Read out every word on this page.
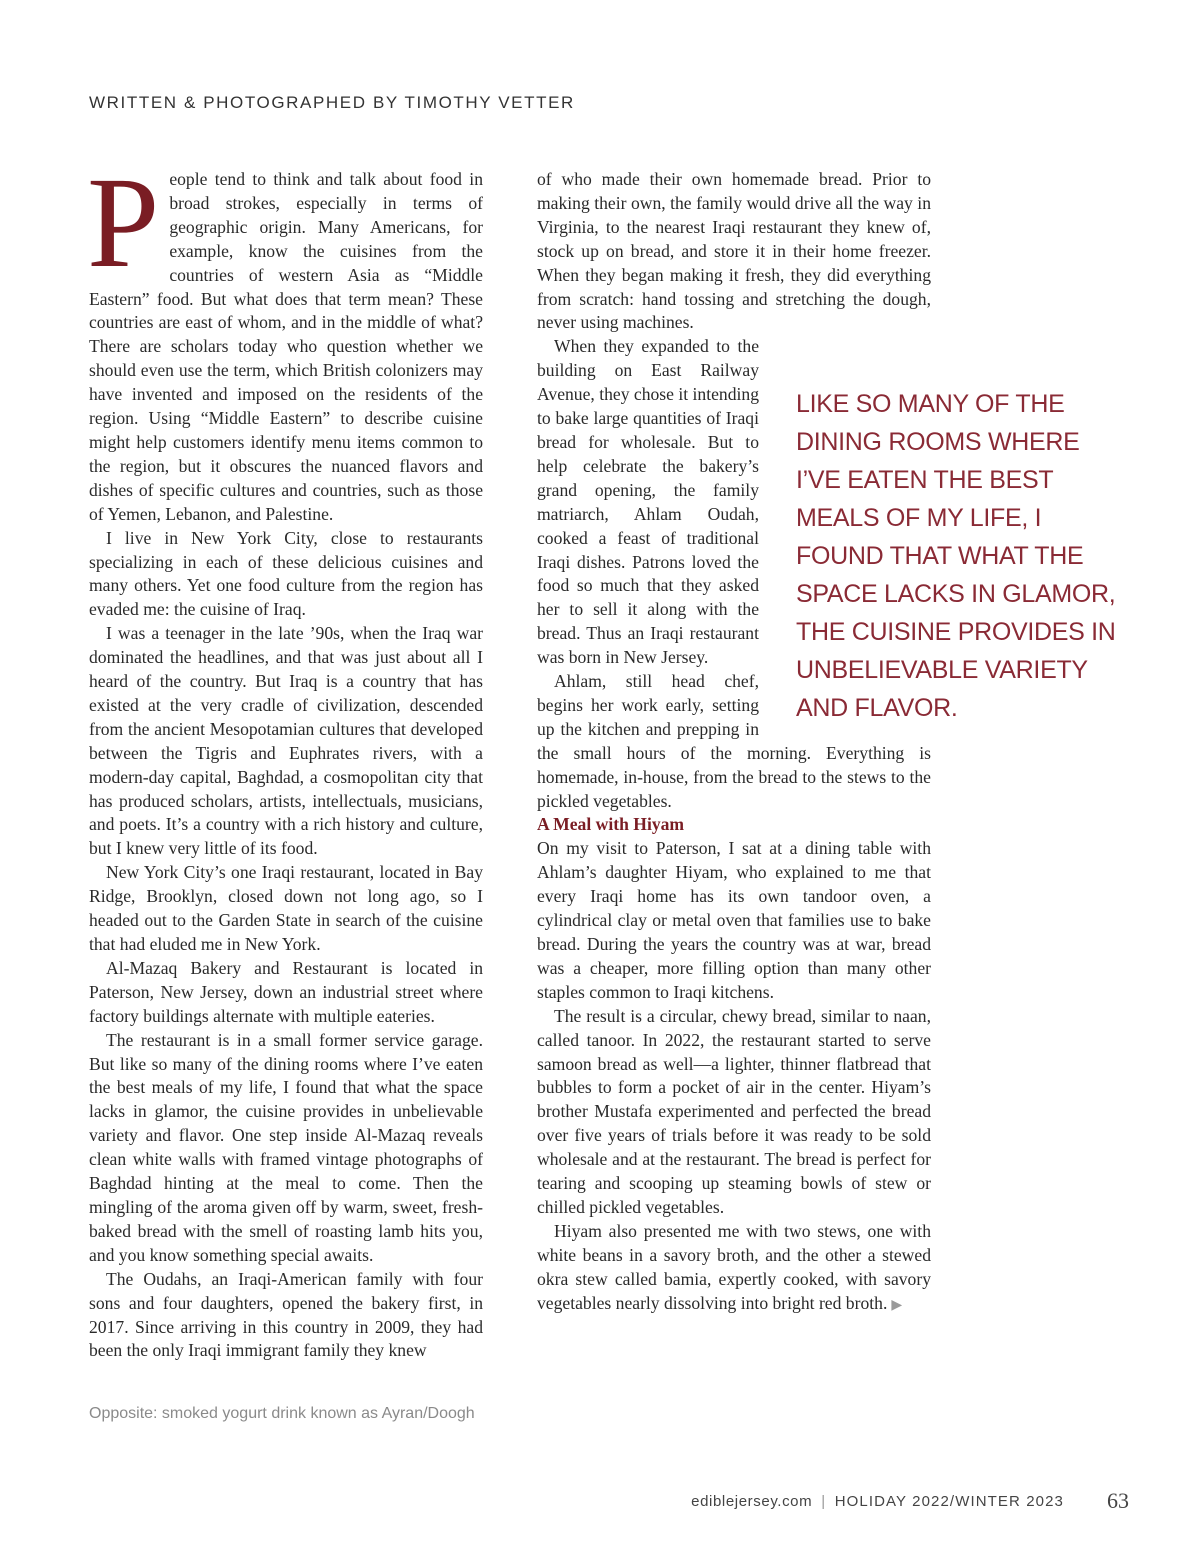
WRITTEN & PHOTOGRAPHED BY TIMOTHY VETTER

People tend to think and talk about food in broad strokes, especially in terms of geographic origin. Many Americans, for example, know the cuisines from the countries of western Asia as “Middle Eastern” food. But what does that term mean? These countries are east of whom, and in the middle of what? There are scholars today who question whether we should even use the term, which British colonizers may have invented and imposed on the residents of the region. Using “Middle Eastern” to describe cuisine might help customers identify menu items common to the region, but it obscures the nuanced flavors and dishes of specific cultures and countries, such as those of Yemen, Lebanon, and Palestine.

I live in New York City, close to restaurants specializing in each of these delicious cuisines and many others. Yet one food culture from the region has evaded me: the cuisine of Iraq.

I was a teenager in the late ’90s, when the Iraq war dominated the headlines, and that was just about all I heard of the country. But Iraq is a country that has existed at the very cradle of civilization, descended from the ancient Mesopotamian cultures that developed between the Tigris and Euphrates rivers, with a modern-day capital, Baghdad, a cosmopolitan city that has produced scholars, artists, intellectuals, musicians, and poets. It’s a country with a rich history and culture, but I knew very little of its food.

New York City’s one Iraqi restaurant, located in Bay Ridge, Brooklyn, closed down not long ago, so I headed out to the Garden State in search of the cuisine that had eluded me in New York.

Al-Mazaq Bakery and Restaurant is located in Paterson, New Jersey, down an industrial street where factory buildings alternate with multiple eateries.

The restaurant is in a small former service garage. But like so many of the dining rooms where I’ve eaten the best meals of my life, I found that what the space lacks in glamor, the cuisine provides in unbelievable variety and flavor. One step inside Al-Mazaq reveals clean white walls with framed vintage photographs of Baghdad hinting at the meal to come. Then the mingling of the aroma given off by warm, sweet, fresh-baked bread with the smell of roasting lamb hits you, and you know something special awaits.

The Oudahs, an Iraqi-American family with four sons and four daughters, opened the bakery first, in 2017. Since arriving in this country in 2009, they had been the only Iraqi immigrant family they knew

of who made their own homemade bread. Prior to making their own, the family would drive all the way in Virginia, to the nearest Iraqi restaurant they knew of, stock up on bread, and store it in their home freezer. When they began making it fresh, they did everything from scratch: hand tossing and stretching the dough, never using machines.

When they expanded to the building on East Railway Avenue, they chose it intending to bake large quantities of Iraqi bread for wholesale. But to help celebrate the bakery’s grand opening, the family matriarch, Ahlam Oudah, cooked a feast of traditional Iraqi dishes. Patrons loved the food so much that they asked her to sell it along with the bread. Thus an Iraqi restaurant was born in New Jersey.

Ahlam, still head chef, begins her work early, setting up the kitchen and prepping in the small hours of the morning. Everything is homemade, in-house, from the bread to the stews to the pickled vegetables.

A Meal with Hiyam

On my visit to Paterson, I sat at a dining table with Ahlam’s daughter Hiyam, who explained to me that every Iraqi home has its own tandoor oven, a cylindrical clay or metal oven that families use to bake bread. During the years the country was at war, bread was a cheaper, more filling option than many other staples common to Iraqi kitchens.

The result is a circular, chewy bread, similar to naan, called tanoor. In 2022, the restaurant started to serve samoon bread as well—a lighter, thinner flatbread that bubbles to form a pocket of air in the center. Hiyam’s brother Mustafa experimented and perfected the bread over five years of trials before it was ready to be sold wholesale and at the restaurant. The bread is perfect for tearing and scooping up steaming bowls of stew or chilled pickled vegetables.

Hiyam also presented me with two stews, one with white beans in a savory broth, and the other a stewed okra stew called bamia, expertly cooked, with savory vegetables nearly dissolving into bright red broth. ▶

LIKE SO MANY OF THE DINING ROOMS WHERE I’VE EATEN THE BEST MEALS OF MY LIFE, I FOUND THAT WHAT THE SPACE LACKS IN GLAMOR, THE CUISINE PROVIDES IN UNBELIEVABLE VARIETY AND FLAVOR.
Opposite: smoked yogurt drink known as Ayran/Doogh
ediblejersey.com | HOLIDAY 2022/WINTER 2023 63
